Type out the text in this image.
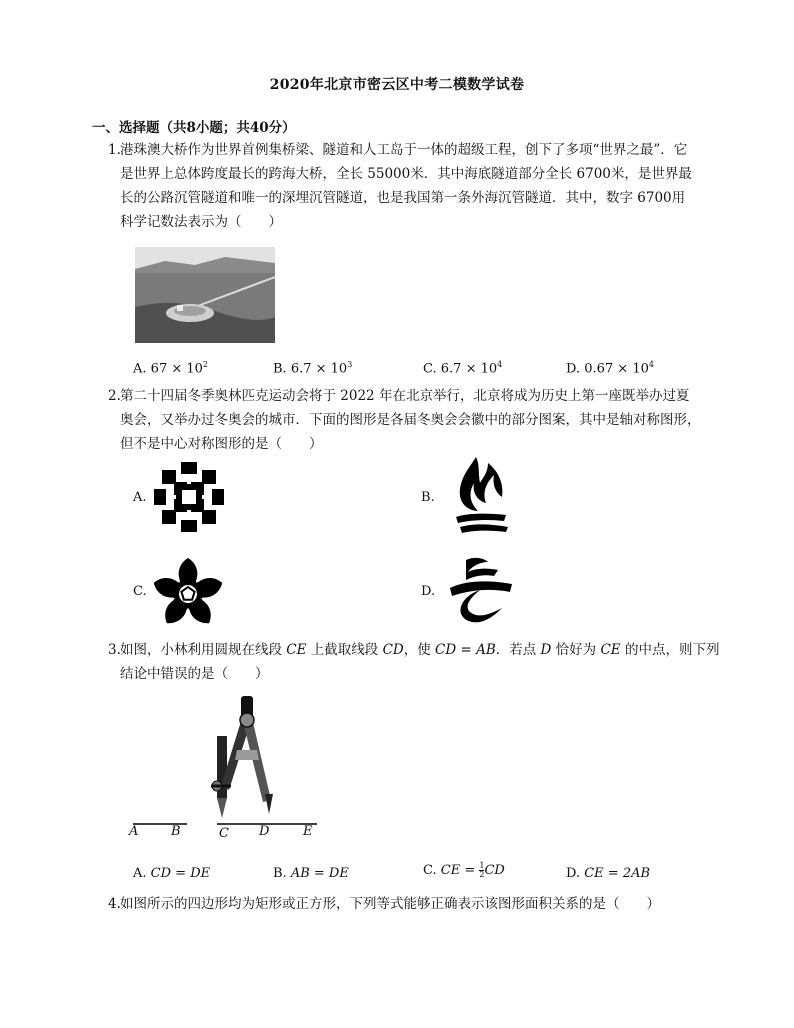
2020年北京市密云区中考二模数学试卷
一、选择题（共8小题；共40分）
1. 港珠澳大桥作为世界首例集桥梁、隧道和人工岛于一体的超级工程，创下了多项“世界之最”．它
是世界上总体跨度最长的跨海大桥，全长 55000米．其中海底隧道部分全长 6700米，是世界最
长的公路沉管隧道和唯一的深埋沉管隧道，也是我国第一条外海沉管隧道．其中，数字 6700用
科学记数法表示为（　　）
A. $67 \times 10^2$	B. $6.7 \times 10^3$	C. $6.7 \times 10^4$	D. $0.67 \times 10^4$
2. 第二十四届冬季奥林匹克运动会将于 2022 年在北京举行，北京将成为历史上第一座既举办过夏
奥会，又举办过冬奥会的城市．下面的图形是各届冬奥会会徽中的部分图案，其中是轴对称图形，
但不是中心对称图形的是（　　）
A.	B.
C.	D.
3. 如图，小林利用圆规在线段 CE 上截取线段 CD，使 CD = AB．若点 D 恰好为 CE 的中点，则下列
结论中错误的是（　　）
A	B	C D	E
A. CD = DE	B. AB = DE	C. CE = $\frac{1}{2}$ CD	D. CE = 2AB
4. 如图所示的四边形均为矩形或正方形，下列等式能够正确表示该图形面积关系的是（　　）
